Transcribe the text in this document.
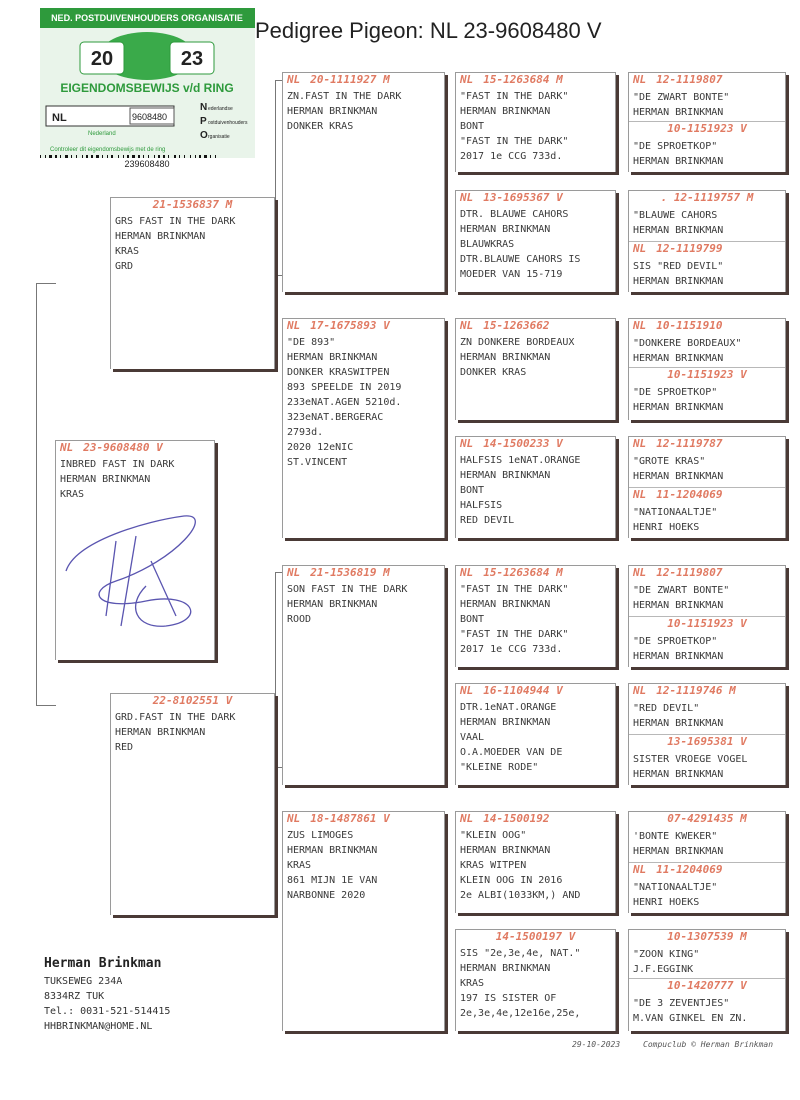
Pedigree Pigeon: NL 23-9608480 V
NED. POSTDUIVENHOUDERS ORGANISATIE
20	23
EIGENDOMSBEWIJS v/d RING
NL	9608480
Nederland
N ederlandse
P ostduivenhouders
O rganisatie
Controleer dit eigendomsbewijs met de ring
239608480
NL 23-9608480 V
INBRED FAST IN DARK
HERMAN BRINKMAN
KRAS
21-1536837 M
GRS FAST IN THE DARK
HERMAN BRINKMAN
KRAS
GRD
22-8102551 V
GRD.FAST IN THE DARK
HERMAN BRINKMAN
RED
NL 20-1111927 M
ZN.FAST IN THE DARK
HERMAN BRINKMAN
DONKER KRAS
NL 17-1675893 V
"DE 893"
HERMAN BRINKMAN
DONKER KRASWITPEN
893 SPEELDE IN 2019
233eNAT.AGEN 5210d.
323eNAT.BERGERAC
2793d.
2020 12eNIC
ST.VINCENT
NL 21-1536819 M
SON FAST IN THE DARK
HERMAN BRINKMAN
ROOD
NL 18-1487861 V
ZUS LIMOGES
HERMAN BRINKMAN
KRAS
861 MIJN 1E VAN
NARBONNE 2020
NL 15-1263684 M
"FAST IN THE DARK"
HERMAN BRINKMAN
BONT
"FAST IN THE DARK"
2017 1e CCG 733d.
NL 13-1695367 V
DTR. BLAUWE CAHORS
HERMAN BRINKMAN
BLAUWKRAS
DTR.BLAUWE CAHORS IS
MOEDER VAN 15-719
NL 15-1263662
ZN DONKERE BORDEAUX
HERMAN BRINKMAN
DONKER KRAS
NL 14-1500233 V
HALFSIS 1eNAT.ORANGE
HERMAN BRINKMAN
BONT
HALFSIS
RED DEVIL
NL 15-1263684 M
"FAST IN THE DARK"
HERMAN BRINKMAN
BONT
"FAST IN THE DARK"
2017 1e CCG 733d.
NL 16-1104944 V
DTR.1eNAT.ORANGE
HERMAN BRINKMAN
VAAL
O.A.MOEDER VAN DE
"KLEINE RODE"
NL 14-1500192
"KLEIN OOG"
HERMAN BRINKMAN
KRAS WITPEN
KLEIN OOG IN 2016
2e ALBI(1033KM,) AND
14-1500197 V
SIS "2e,3e,4e, NAT."
HERMAN BRINKMAN
KRAS
197 IS SISTER OF
2e,3e,4e,12e16e,25e,
NL 12-1119807
"DE ZWART BONTE"
HERMAN BRINKMAN
10-1151923 V
"DE SPROETKOP"
HERMAN BRINKMAN
. 12-1119757 M
"BLAUWE CAHORS
HERMAN BRINKMAN
NL 12-1119799
SIS "RED DEVIL"
HERMAN BRINKMAN
NL 10-1151910
"DONKERE BORDEAUX"
HERMAN BRINKMAN
10-1151923 V
"DE SPROETKOP"
HERMAN BRINKMAN
NL 12-1119787
"GROTE KRAS"
HERMAN BRINKMAN
NL 11-1204069
"NATIONAALTJE"
HENRI HOEKS
NL 12-1119807
"DE ZWART BONTE"
HERMAN BRINKMAN
10-1151923 V
"DE SPROETKOP"
HERMAN BRINKMAN
NL 12-1119746 M
"RED DEVIL"
HERMAN BRINKMAN
13-1695381 V
SISTER VROEGE VOGEL
HERMAN BRINKMAN
07-4291435 M
'BONTE KWEKER"
HERMAN BRINKMAN
NL 11-1204069
"NATIONAALTJE"
HENRI HOEKS
10-1307539 M
"ZOON KING"
J.F.EGGINK
10-1420777 V
"DE 3 ZEVENTJES"
M.VAN GINKEL EN ZN.
Herman Brinkman
TUKSEWEG 234A
8334RZ TUK
Tel.: 0031-521-514415
HHBRINKMAN@HOME.NL
29-10-2023	Compuclub © Herman Brinkman
